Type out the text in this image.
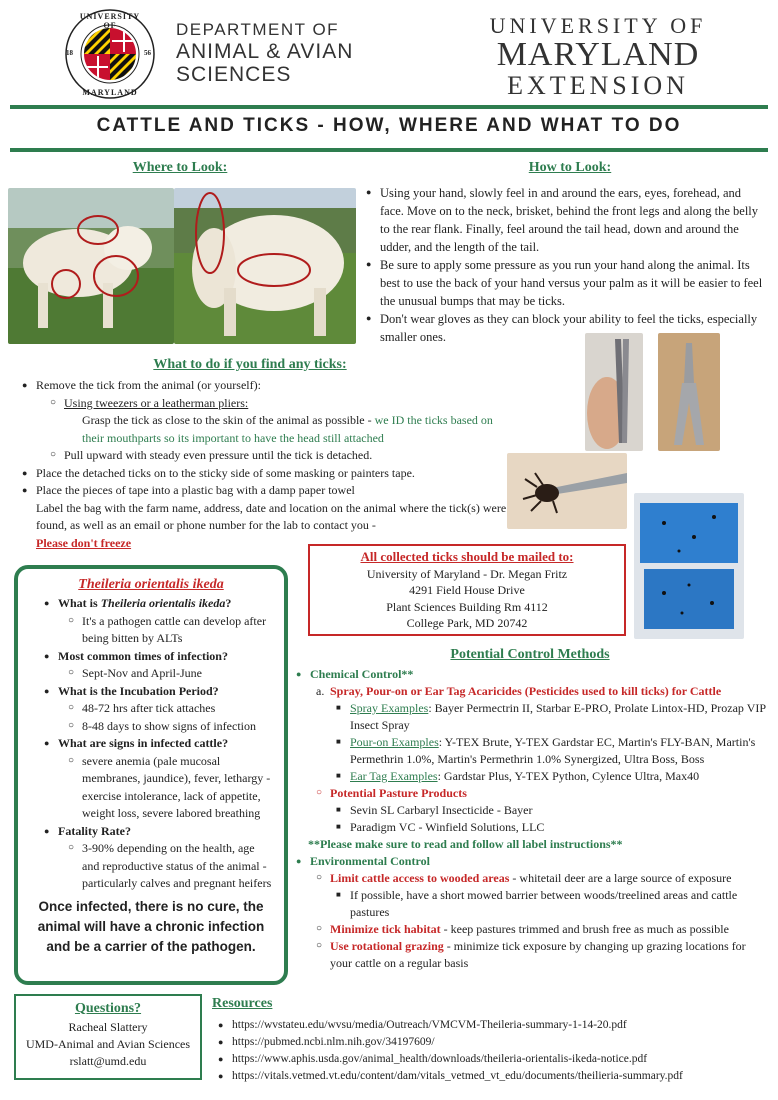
UNIVERSITY OF
MARYLAND
18	56
DEPARTMENT OF
ANIMAL & AVIAN
SCIENCES
UNIVERSITY OF
MARYLAND
EXTENSION
CATTLE AND TICKS - HOW, WHERE AND WHAT TO DO
Where to Look:	How to Look:
● Using your hand, slowly feel in and around the ears, eyes, forehead, and face. Move on to the neck, brisket, behind the front legs and along the belly to the rear flank. Finally, feel around the tail head, down and around the udder, and the length of the tail.
● Be sure to apply some pressure as you run your hand along the animal. Its best to use the back of your hand versus your palm as it will be easier to feel the unusual bumps that may be ticks.
● Don't wear gloves as they can block your ability to feel the ticks, especially smaller ones.
What to do if you find any ticks:
● Remove the tick from the animal (or yourself):
○ Using tweezers or a leatherman pliers:
Grasp the tick as close to the skin of the animal as possible - we ID the ticks based on their mouthparts so its important to have the head still attached
○ Pull upward with steady even pressure until the tick is detached.
● Place the detached ticks on to the sticky side of some masking or painters tape.
● Place the pieces of tape into a plastic bag with a damp paper towel
Label the bag with the farm name, address, date and location on the animal where the tick(s) were found, as well as an email or phone number for the lab to contact you -
Please don't freeze
All collected ticks should be mailed to:
University of Maryland - Dr. Megan Fritz
4291 Field House Drive
Plant Sciences Building Rm 4112
College Park, MD 20742
Theileria orientalis ikeda
● What is Theileria orientalis ikeda?
○ It's a pathogen cattle can develop after being bitten by ALTs
● Most common times of infection?
○ Sept-Nov and April-June
● What is the Incubation Period?
○ 48-72 hrs after tick attaches
○ 8-48 days to show signs of infection
● What are signs in infected cattle?
○ severe anemia (pale mucosal membranes, jaundice), fever, lethargy - exercise intolerance, lack of appetite, weight loss, severe labored breathing
● Fatality Rate?
○ 3-90% depending on the health, age and reproductive status of the animal - particularly calves and pregnant heifers
Once infected, there is no cure, the animal will have a chronic infection and be a carrier of the pathogen.
Potential Control Methods
● Chemical Control**
a. Spray, Pour-on or Ear Tag Acaricides (Pesticides used to kill ticks) for Cattle
■ Spray Examples: Bayer Permectrin II, Starbar E-PRO, Prolate Lintox-HD, Prozap VIP Insect Spray
■ Pour-on Examples: Y-TEX Brute, Y-TEX Gardstar EC, Martin's FLY-BAN, Martin's Permethrin 1.0%, Martin's Permethrin 1.0% Synergized, Ultra Boss, Boss
■ Ear Tag Examples: Gardstar Plus, Y-TEX Python, Cylence Ultra, Max40
○ Potential Pasture Products
■ Sevin SL Carbaryl Insecticide - Bayer
■ Paradigm VC - Winfield Solutions, LLC
**Please make sure to read and follow all label instructions**
● Environmental Control
○ Limit cattle access to wooded areas - whitetail deer are a large source of exposure
■ If possible, have a short mowed barrier between woods/treelined areas and cattle pastures
○ Minimize tick habitat - keep pastures trimmed and brush free as much as possible
○ Use rotational grazing - minimize tick exposure by changing up grazing locations for your cattle on a regular basis
Questions?
Racheal Slattery
UMD-Animal and Avian Sciences
rslatt@umd.edu
Resources
● https://wvstateu.edu/wvsu/media/Outreach/VMCVM-Theileria-summary-1-14-20.pdf
● https://pubmed.ncbi.nlm.nih.gov/34197609/
● https://www.aphis.usda.gov/animal_health/downloads/theileria-orientalis-ikeda-notice.pdf
● https://vitals.vetmed.vt.edu/content/dam/vitals_vetmed_vt_edu/documents/theilieria-summary.pdf
